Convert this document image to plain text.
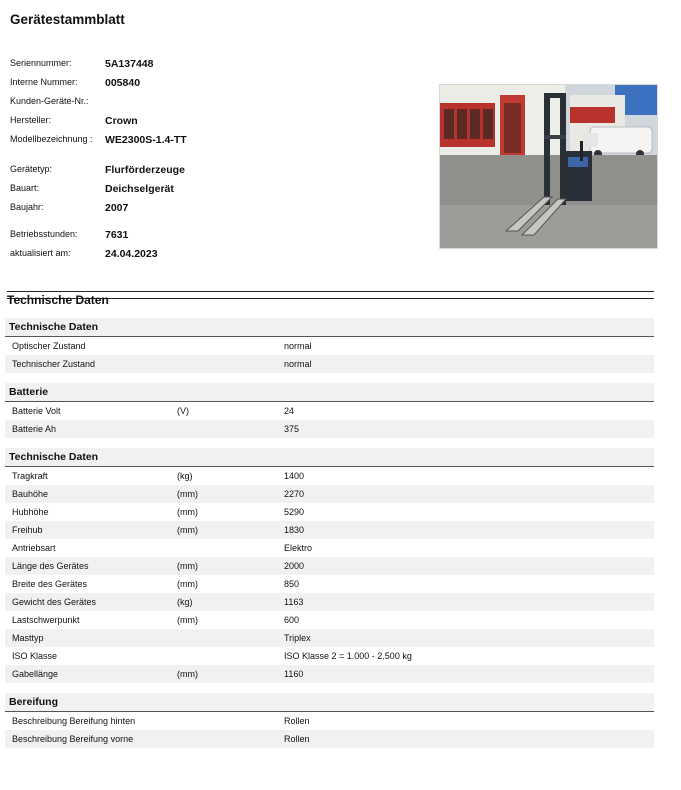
Gerätestammblatt
Seriennummer:	5A137448
Interne Nummer:	005840
Kunden-Geräte-Nr.:
Hersteller:	Crown
Modellbezeichnung :	WE2300S-1.4-TT
Gerätetyp:	Flurförderzeuge
Bauart:	Deichselgerät
Baujahr:	2007
Betriebsstunden:	7631
aktualisiert am:	24.04.2023
Technische Daten
Technische Daten
Optischer Zustand	normal
Technischer Zustand	normal
Batterie
Batterie Volt	(V)	24
Batterie Ah	375
Technische Daten
Tragkraft	(kg)	1400
Bauhöhe	(mm)	2270
Hubhöhe	(mm)	5290
Freihub	(mm)	1830
Antriebsart	Elektro
Länge des Gerätes	(mm)	2000
Breite des Gerätes	(mm)	850
Gewicht des Gerätes	(kg)	1163
Lastschwerpunkt	(mm)	600
Masttyp	Triplex
ISO Klasse	ISO Klasse 2 = 1.000 - 2.500 kg
Gabellänge	(mm)	1160
Bereifung
Beschreibung Bereifung hinten	Rollen
Beschreibung Bereifung vorne	Rollen
